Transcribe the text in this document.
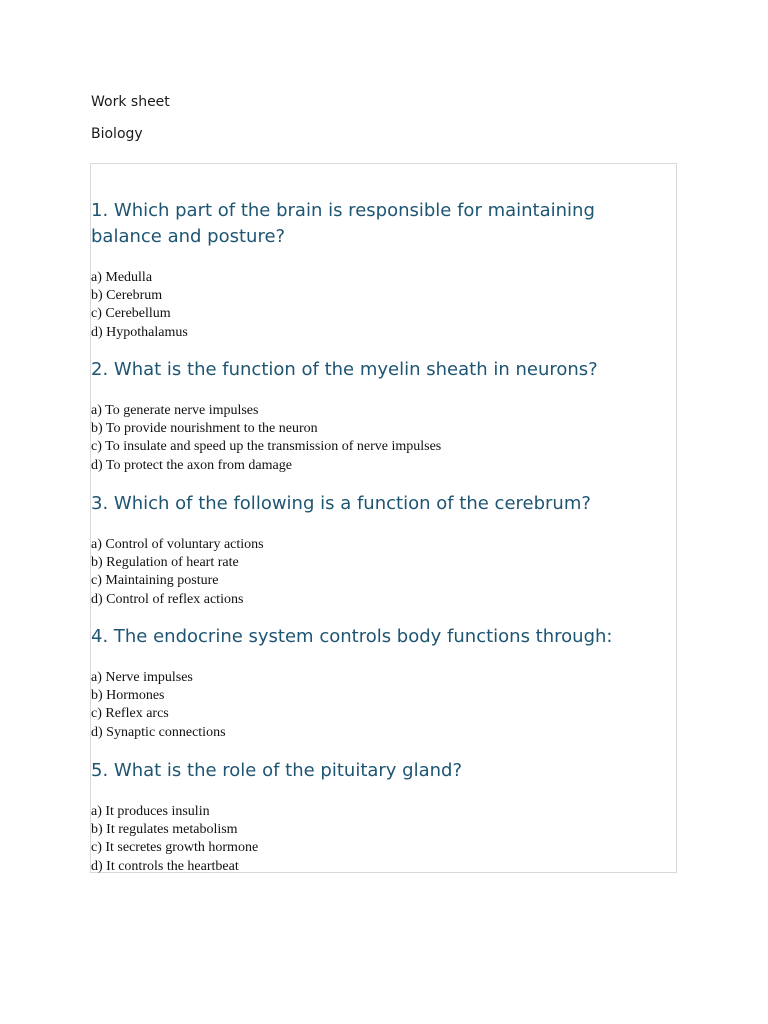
Work sheet

Biology

1. Which part of the brain is responsible for maintaining balance and posture?
a) Medulla
b) Cerebrum
c) Cerebellum
d) Hypothalamus
2. What is the function of the myelin sheath in neurons?
a) To generate nerve impulses
b) To provide nourishment to the neuron
c) To insulate and speed up the transmission of nerve impulses
d) To protect the axon from damage
3. Which of the following is a function of the cerebrum?
a) Control of voluntary actions
b) Regulation of heart rate
c) Maintaining posture
d) Control of reflex actions
4. The endocrine system controls body functions through:
a) Nerve impulses
b) Hormones
c) Reflex arcs
d) Synaptic connections
5. What is the role of the pituitary gland?
a) It produces insulin
b) It regulates metabolism
c) It secretes growth hormone
d) It controls the heartbeat
